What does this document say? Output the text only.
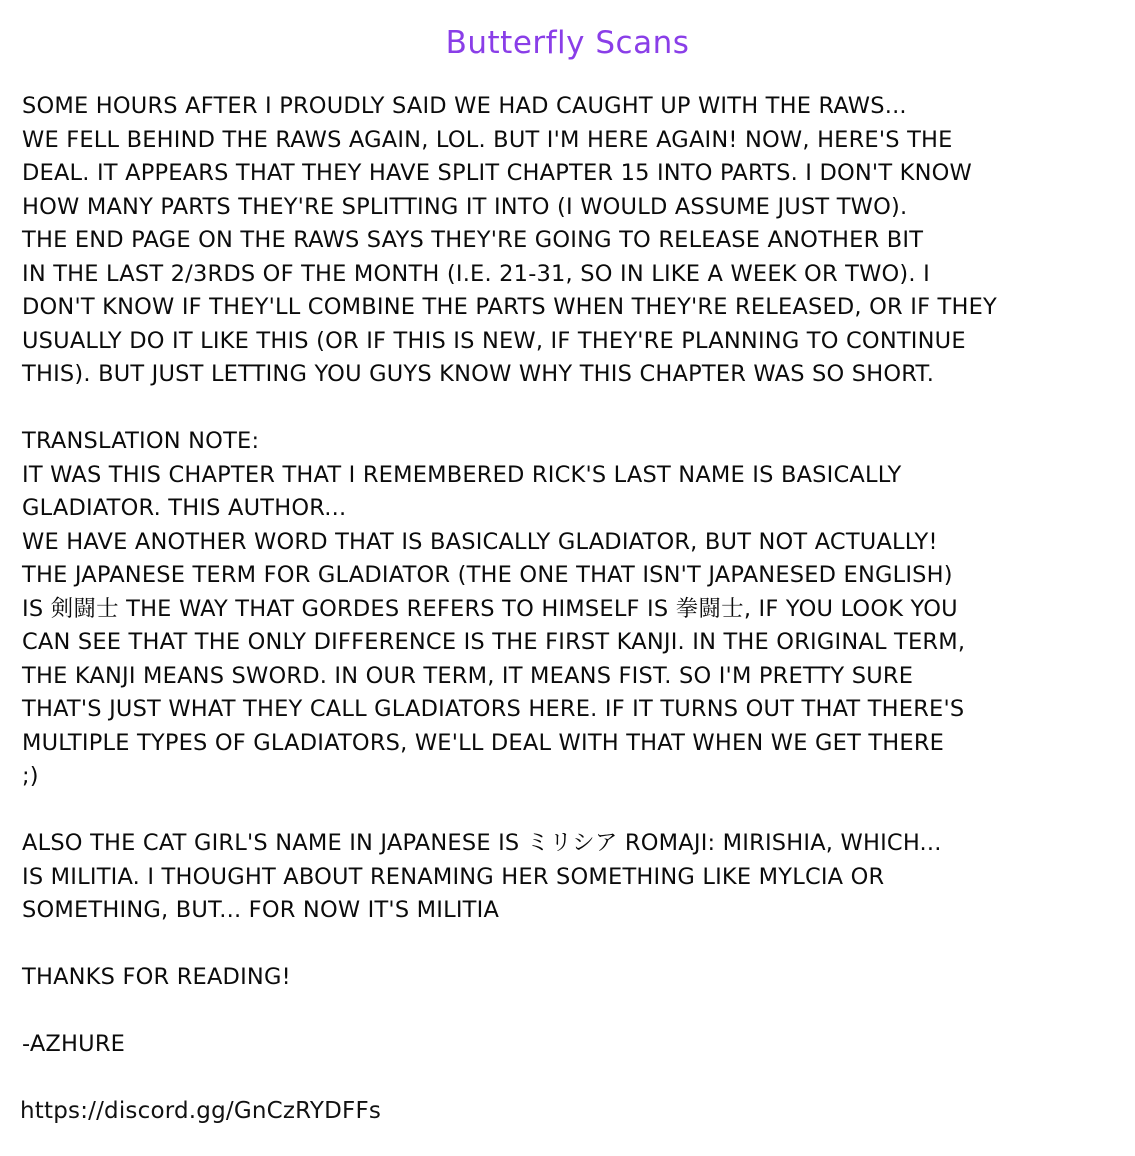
Butterfly Scans

SOME HOURS AFTER I PROUDLY SAID WE HAD CAUGHT UP WITH THE RAWS...

WE FELL BEHIND THE RAWS AGAIN, LOL. BUT I'M HERE AGAIN! NOW, HERE'S THE

DEAL. IT APPEARS THAT THEY HAVE SPLIT CHAPTER 15 INTO PARTS. I DON'T KNOW

HOW MANY PARTS THEY'RE SPLITTING IT INTO (I WOULD ASSUME JUST TWO).

THE END PAGE ON THE RAWS SAYS THEY'RE GOING TO RELEASE ANOTHER BIT

IN THE LAST 2/3RDS OF THE MONTH (I.E. 21-31, SO IN LIKE A WEEK OR TWO). I

DON'T KNOW IF THEY'LL COMBINE THE PARTS WHEN THEY'RE RELEASED, OR IF THEY

USUALLY DO IT LIKE THIS (OR IF THIS IS NEW, IF THEY'RE PLANNING TO CONTINUE

THIS). BUT JUST LETTING YOU GUYS KNOW WHY THIS CHAPTER WAS SO SHORT.

TRANSLATION NOTE:

IT WAS THIS CHAPTER THAT I REMEMBERED RICK'S LAST NAME IS BASICALLY

GLADIATOR. THIS AUTHOR...

WE HAVE ANOTHER WORD THAT IS BASICALLY GLADIATOR, BUT NOT ACTUALLY!

THE JAPANESE TERM FOR GLADIATOR (THE ONE THAT ISN'T JAPANESED ENGLISH)

IS 剣闘士 THE WAY THAT GORDES REFERS TO HIMSELF IS 拳闘士, IF YOU LOOK YOU

CAN SEE THAT THE ONLY DIFFERENCE IS THE FIRST KANJI. IN THE ORIGINAL TERM,

THE KANJI MEANS SWORD. IN OUR TERM, IT MEANS FIST. SO I'M PRETTY SURE

THAT'S JUST WHAT THEY CALL GLADIATORS HERE. IF IT TURNS OUT THAT THERE'S

MULTIPLE TYPES OF GLADIATORS, WE'LL DEAL WITH THAT WHEN WE GET THERE

;)

ALSO THE CAT GIRL'S NAME IN JAPANESE IS ミリシア ROMAJI: MIRISHIA, WHICH...

IS MILITIA. I THOUGHT ABOUT RENAMING HER SOMETHING LIKE MYLCIA OR

SOMETHING, BUT... FOR NOW IT'S MILITIA

THANKS FOR READING!

-AZHURE

https://discord.gg/GnCzRYDFFs
